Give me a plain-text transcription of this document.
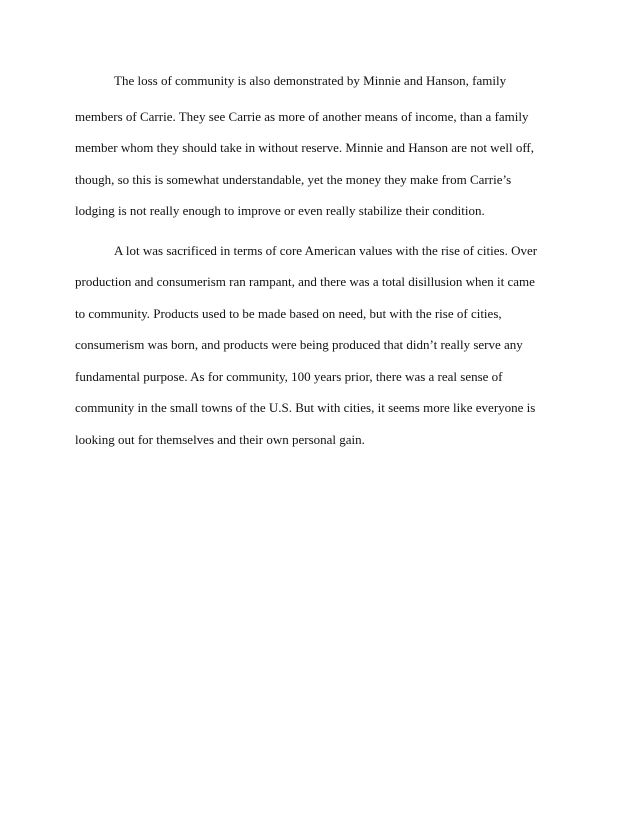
The loss of community is also demonstrated by Minnie and Hanson, family

members of Carrie. They see Carrie as more of another means of income, than a family

member whom they should take in without reserve. Minnie and Hanson are not well off,

though, so this is somewhat understandable, yet the money they make from Carrie’s

lodging is not really enough to improve or even really stabilize their condition.

A lot was sacrificed in terms of core American values with the rise of cities. Over

production and consumerism ran rampant, and there was a total disillusion when it came

to community. Products used to be made based on need, but with the rise of cities,

consumerism was born, and products were being produced that didn’t really serve any

fundamental purpose. As for community, 100 years prior, there was a real sense of

community in the small towns of the U.S. But with cities, it seems more like everyone is

looking out for themselves and their own personal gain.
